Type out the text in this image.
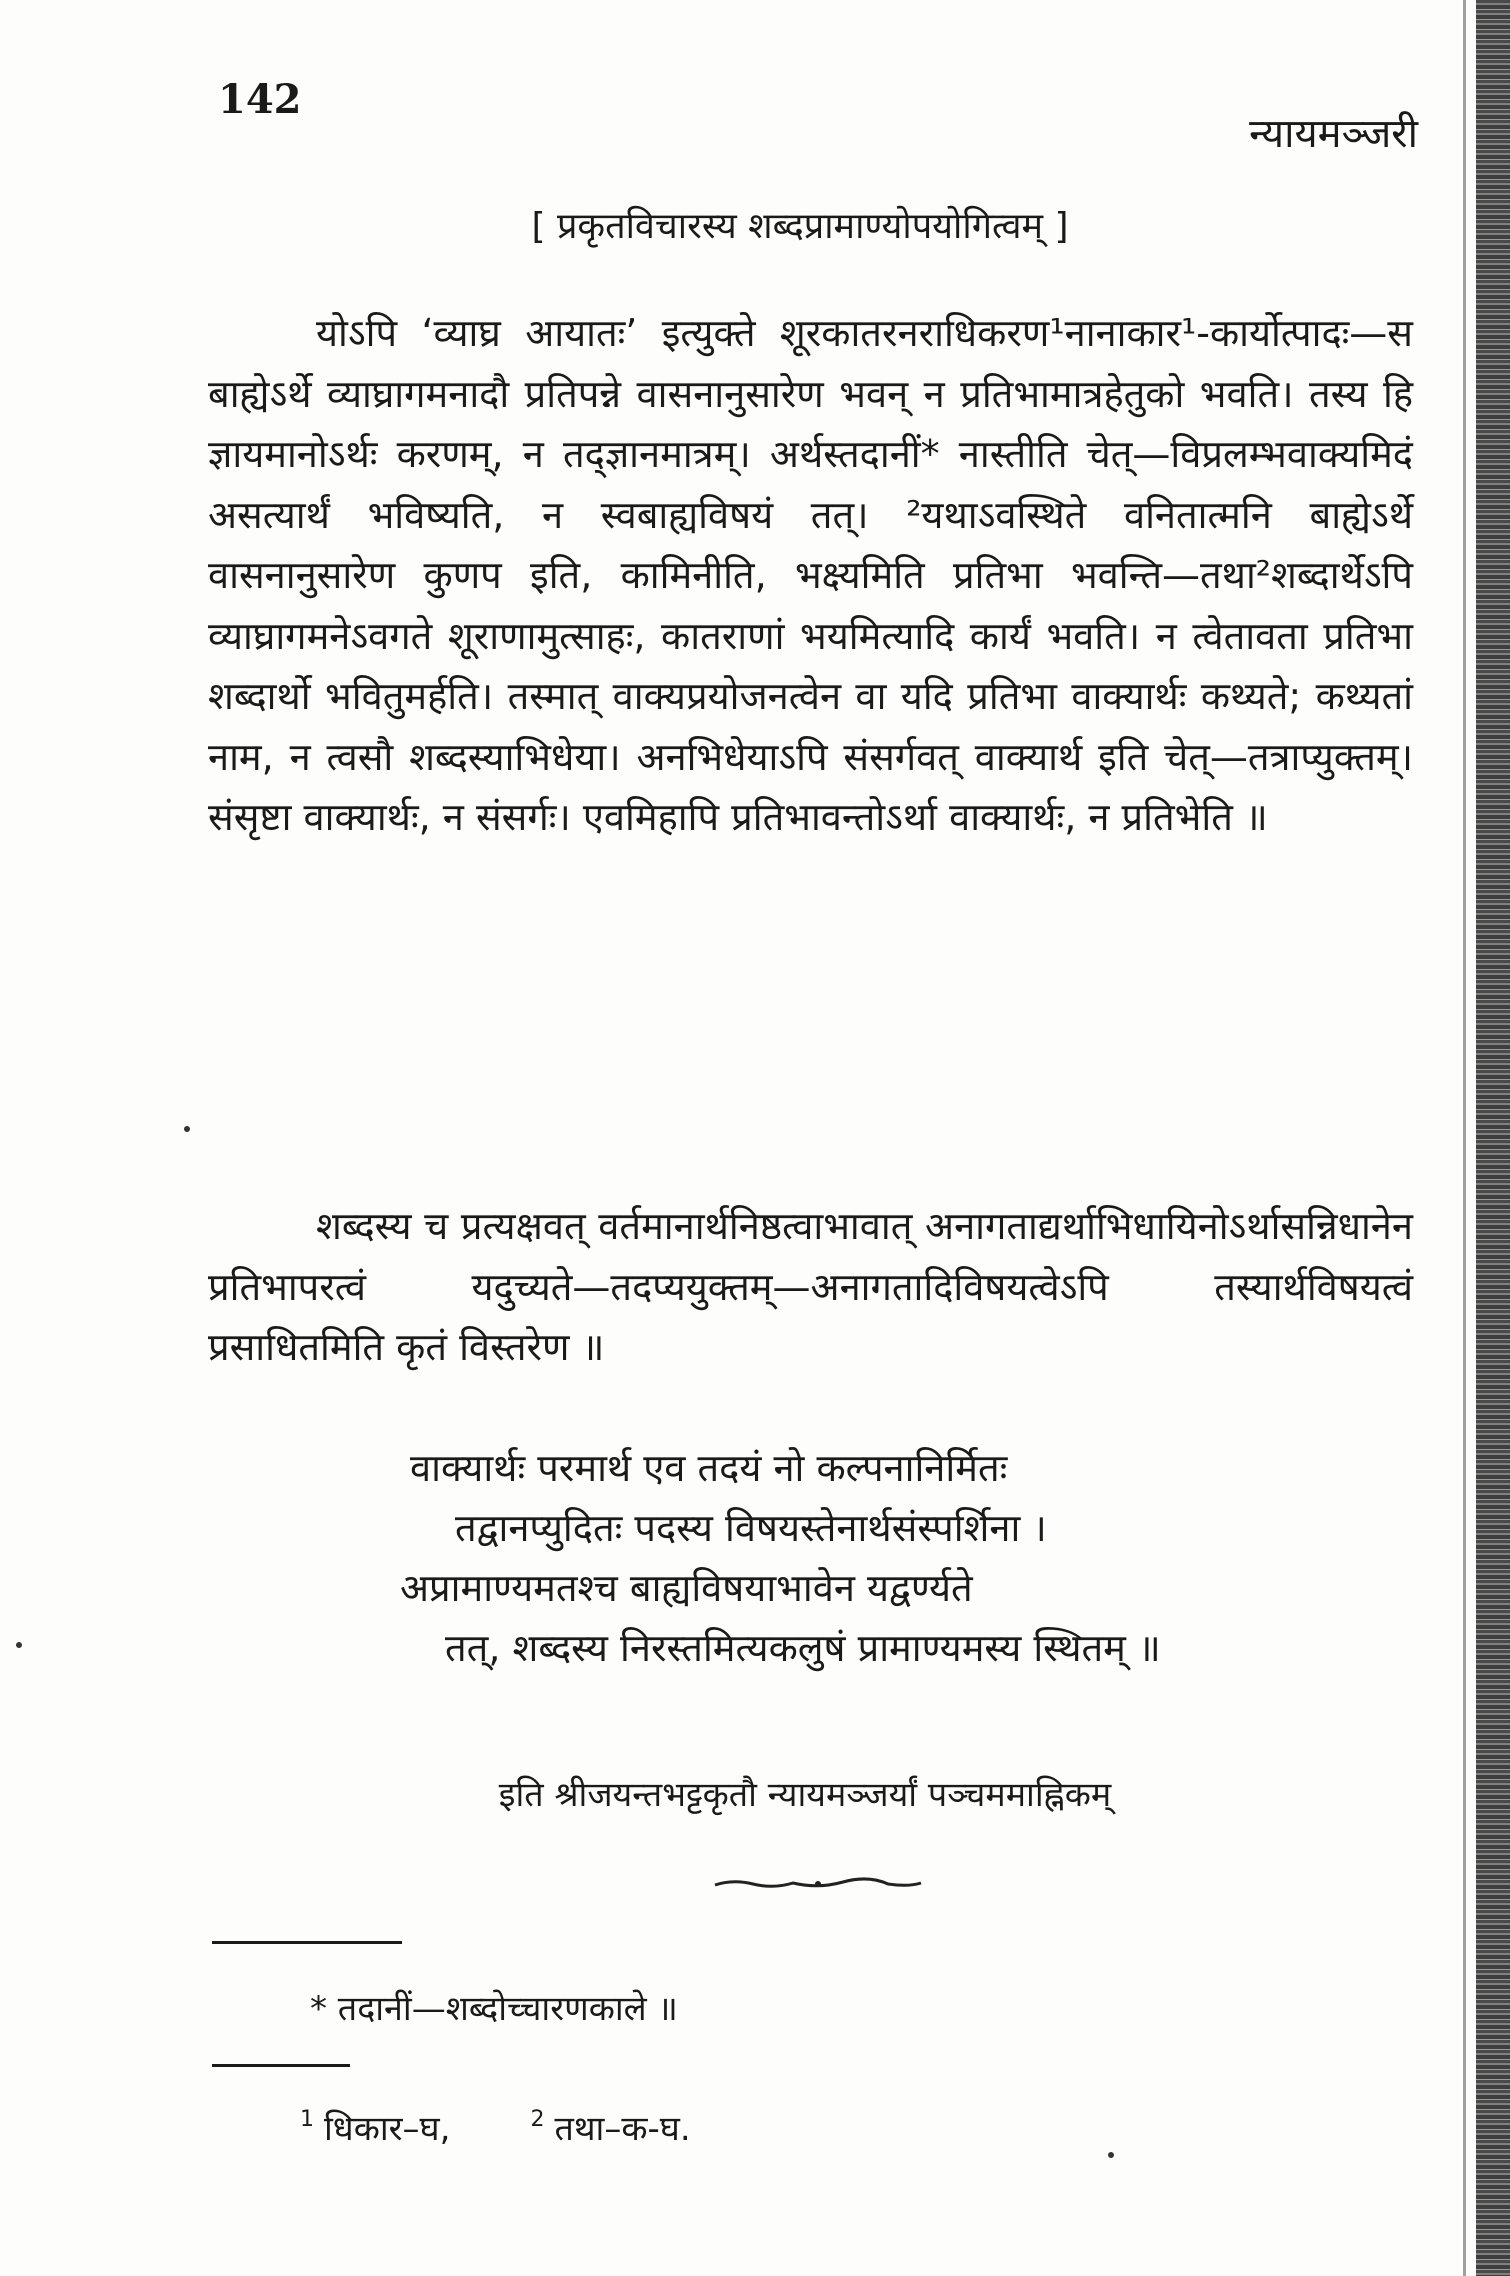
142
न्यायमञ्जरी
[ प्रकृतविचारस्य शब्दप्रामाण्योपयोगित्वम् ]

योऽपि ‘व्याघ्र आयातः’ इत्युक्ते शूरकातरनराधिकरण¹नानाकार¹-कार्योत्पादः—स बाह्येऽर्थे व्याघ्रागमनादौ प्रतिपन्ने वासनानुसारेण भवन् न प्रतिभामात्रहेतुको भवति। तस्य हि ज्ञायमानोऽर्थः करणम्, न तद्ज्ञानमात्रम्। अर्थस्तदानीं* नास्तीति चेत्—विप्रलम्भवाक्यमिदं असत्यार्थं भविष्यति, न स्वबाह्यविषयं तत्। ²यथाऽवस्थिते वनितात्मनि बाह्येऽर्थे वासनानुसारेण कुणप इति, कामिनीति, भक्ष्यमिति प्रतिभा भवन्ति—तथा²शब्दार्थेऽपि व्याघ्रागमनेऽवगते शूराणामुत्साहः, कातराणां भयमित्यादि कार्यं भवति। न त्वेतावता प्रतिभा शब्दार्थो भवितुमर्हति। तस्मात् वाक्यप्रयोजनत्वेन वा यदि प्रतिभा वाक्यार्थः कथ्यते; कथ्यतां नाम, न त्वसौ शब्दस्याभिधेया। अनभिधेयाऽपि संसर्गवत् वाक्यार्थ इति चेत्—तत्राप्युक्तम्। संसृष्टा वाक्यार्थः, न संसर्गः। एवमिहापि प्रतिभावन्तोऽर्था वाक्यार्थः, न प्रतिभेति ॥

शब्दस्य च प्रत्यक्षवत् वर्तमानार्थनिष्ठत्वाभावात् अनागताद्यर्थाभिधायिनोऽर्थासन्निधानेन प्रतिभापरत्वं यदुच्यते—तदप्ययुक्तम्—अनागतादिविषयत्वेऽपि तस्यार्थविषयत्वं प्रसाधितमिति कृतं विस्तरेण ॥

वाक्यार्थः परमार्थ एव तदयं नो कल्पनानिर्मितः
तद्वानप्युदितः पदस्य विषयस्तेनार्थसंस्पर्शिना ।
अप्रामाण्यमतश्च बाह्यविषयाभावेन यद्वर्ण्यते
तत्, शब्दस्य निरस्तमित्यकलुषं प्रामाण्यमस्य स्थितम् ॥
इति श्रीजयन्तभट्टकृतौ न्यायमञ्जर्यां पञ्चममाह्निकम्
* तदानीं—शब्दोच्चारणकाले ॥
$^1$ धिकार–घ,	$^2$ तथा–क-घ.
